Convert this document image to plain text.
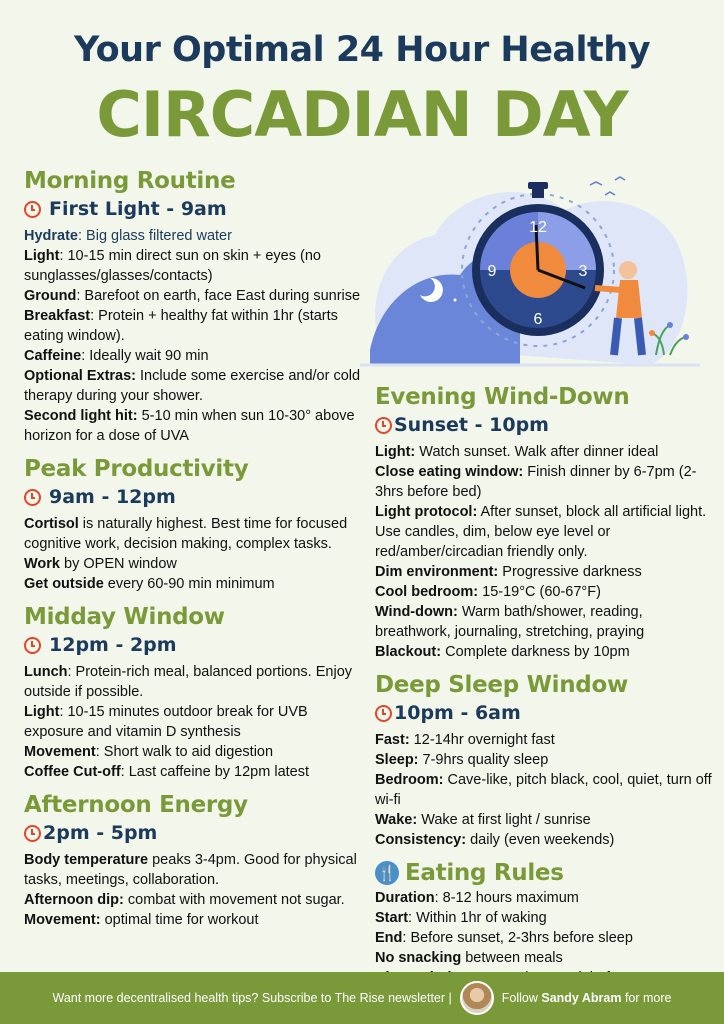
Your Optimal 24 Hour Healthy
CIRCADIAN DAY
12
3
6
9
Morning Routine
First Light - 9am
Hydrate: Big glass filtered water
Light: 10-15 min direct sun on skin + eyes (no sunglasses/glasses/contacts)
Ground: Barefoot on earth, face East during sunrise
Breakfast: Protein + healthy fat within 1hr (starts eating window).
Caffeine: Ideally wait 90 min
Optional Extras: Include some exercise and/or cold therapy during your shower.
Second light hit: 5-10 min when sun 10-30° above horizon for a dose of UVA
Peak Productivity
9am - 12pm
Cortisol is naturally highest. Best time for focused cognitive work, decision making, complex tasks.
Work by OPEN window
Get outside every 60-90 min minimum
Midday Window
12pm - 2pm
Lunch: Protein-rich meal, balanced portions. Enjoy outside if possible.
Light: 10-15 minutes outdoor break for UVB exposure and vitamin D synthesis
Movement: Short walk to aid digestion
Coffee Cut-off: Last caffeine by 12pm latest
Afternoon Energy
2pm - 5pm
Body temperature peaks 3-4pm. Good for physical tasks, meetings, collaboration.
Afternoon dip: combat with movement not sugar. Movement: optimal time for workout
Evening Wind-Down
Sunset - 10pm
Light: Watch sunset. Walk after dinner ideal
Close eating window: Finish dinner by 6-7pm (2-3hrs before bed)
Light protocol: After sunset, block all artificial light. Use candles, dim, below eye level or red/amber/circadian friendly only.
Dim environment: Progressive darkness
Cool bedroom: 15-19°C (60-67°F)
Wind-down: Warm bath/shower, reading, breathwork, journaling, stretching, praying
Blackout: Complete darkness by 10pm
Deep Sleep Window
10pm - 6am
Fast: 12-14hr overnight fast
Sleep: 7-9hrs quality sleep
Bedroom: Cave-like, pitch black, cool, quiet, turn off wi-fi
Wake: Wake at first light / sunrise
Consistency: daily (even weekends)
🍴 Eating Rules
Duration: 8-12 hours maximum
Start: Within 1hr of waking
End: Before sunset, 2-3hrs before sleep
No snacking between meals
Want more decentralised health tips? Subscribe to The Rise newsletter |	Follow Sandy Abram for more
